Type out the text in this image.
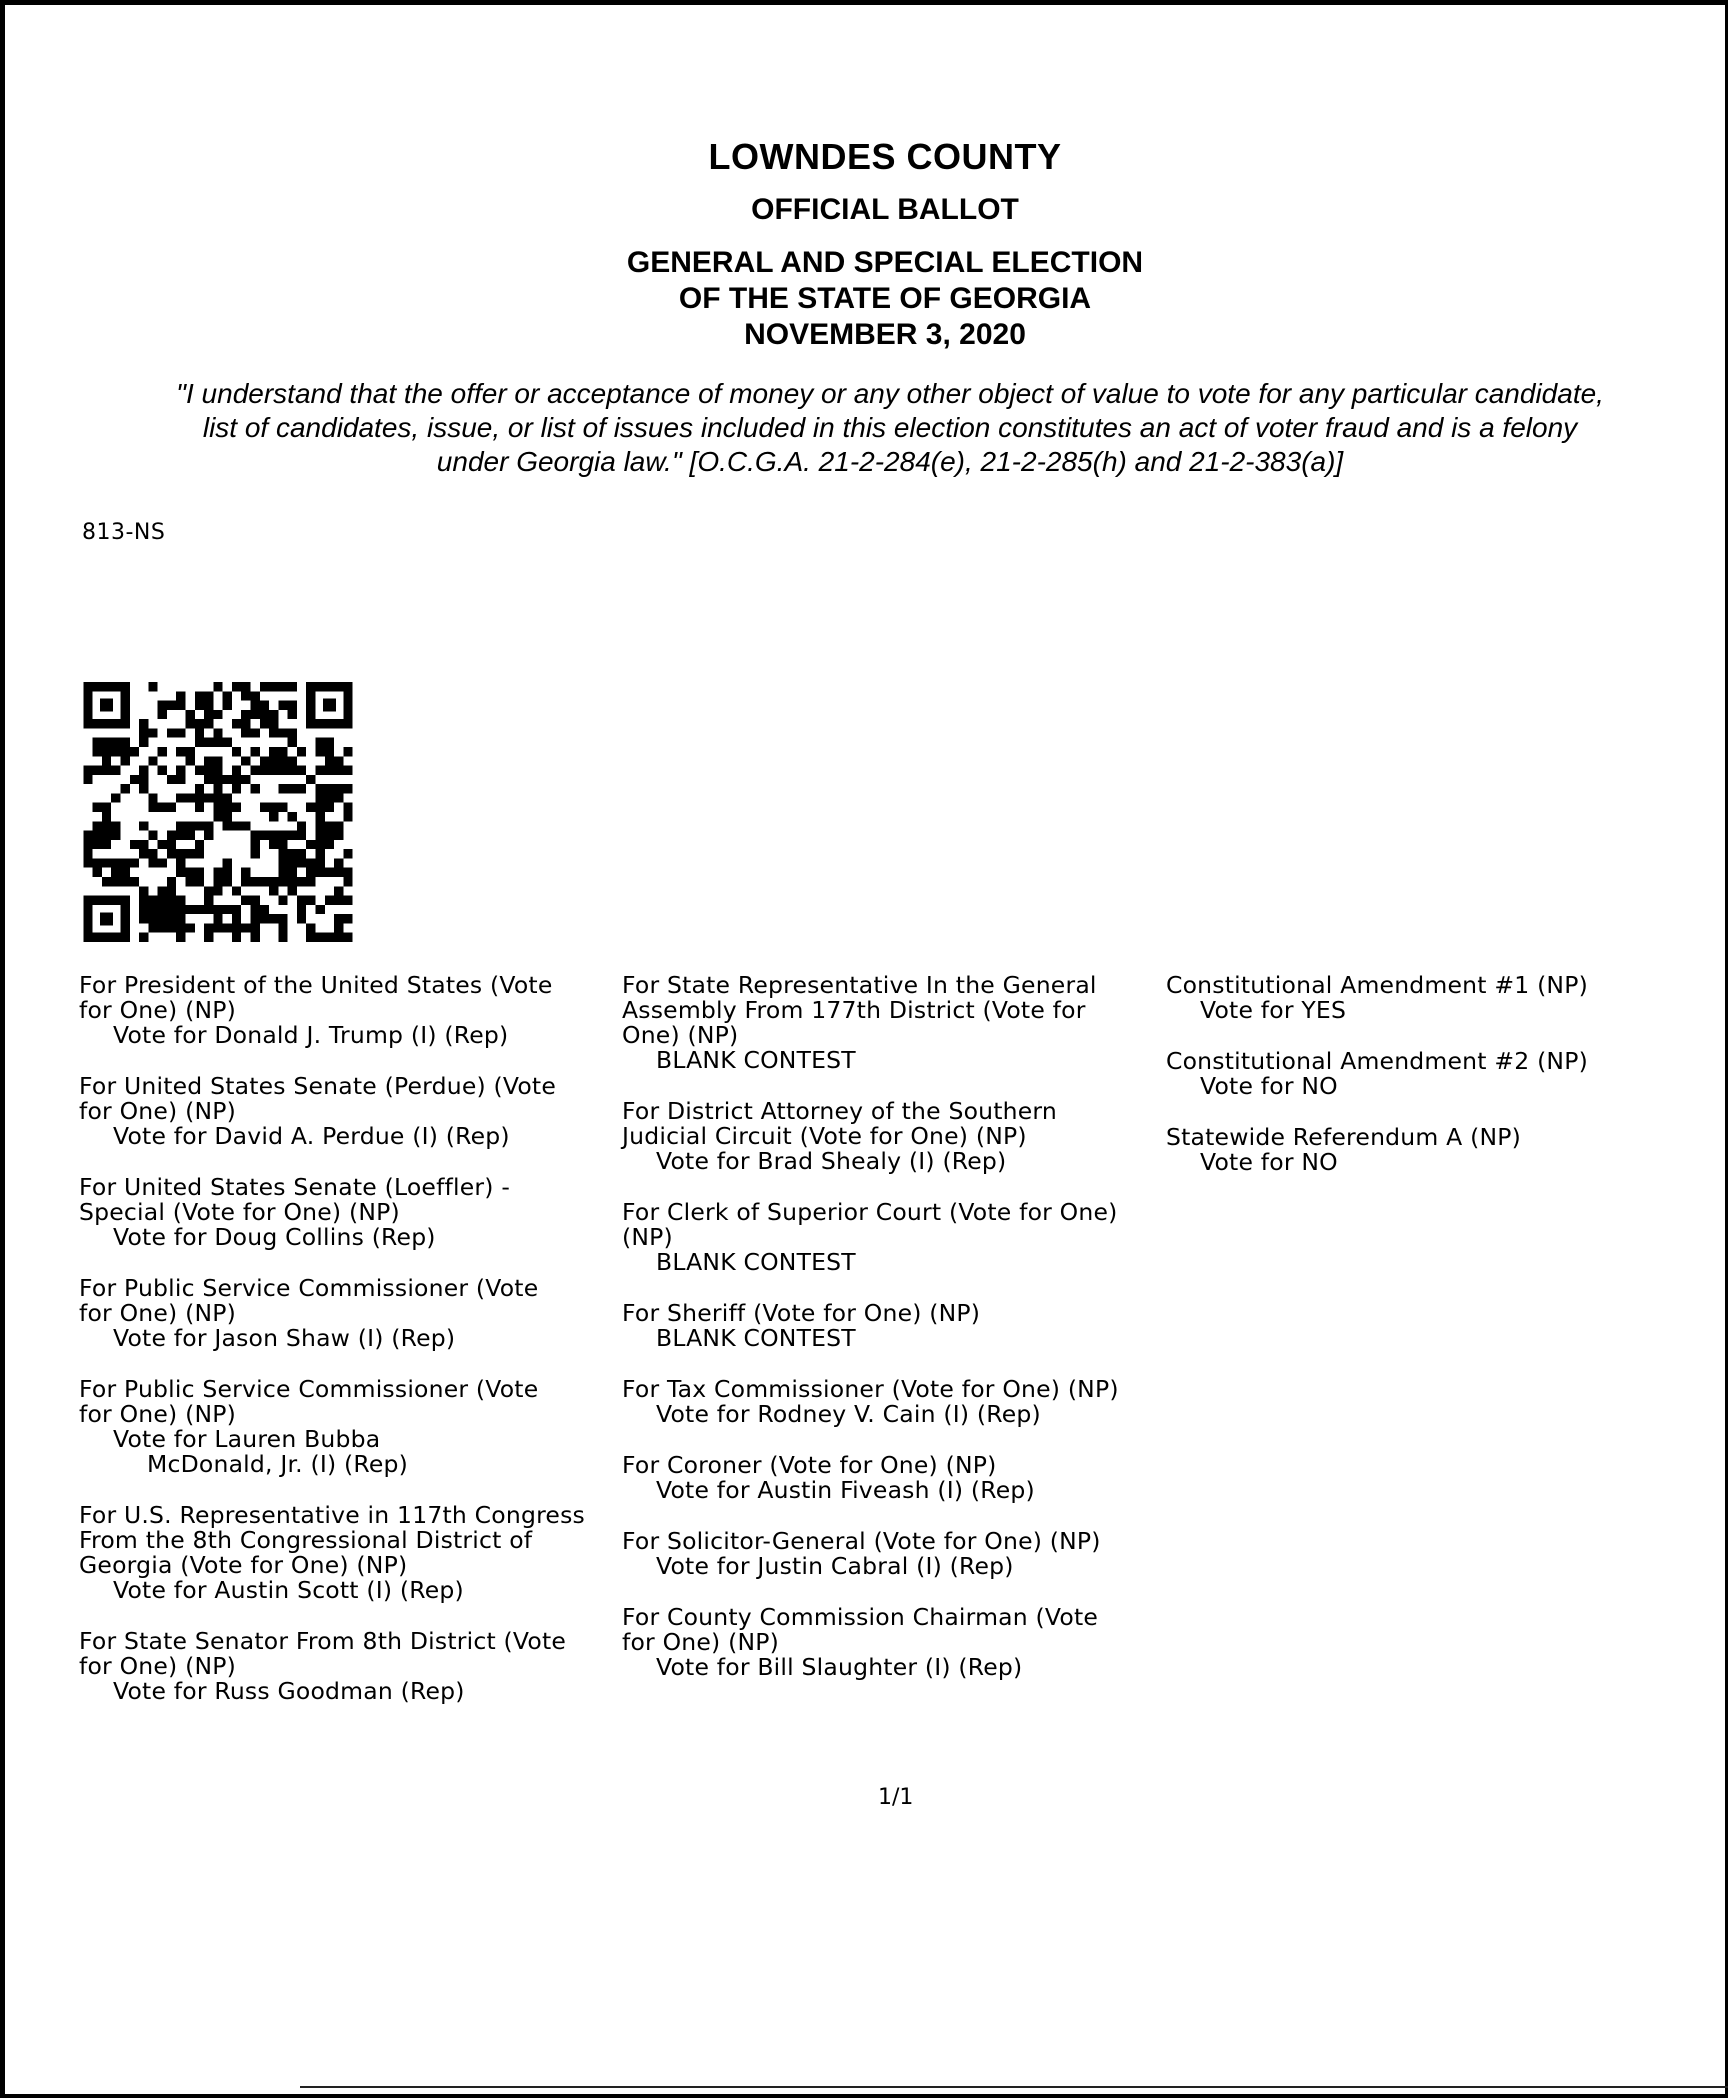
LOWNDES COUNTY
OFFICIAL BALLOT
GENERAL AND SPECIAL ELECTION
OF THE STATE OF GEORGIA
NOVEMBER 3, 2020
"I understand that the offer or acceptance of money or any other object of value to vote for any particular candidate,
list of candidates, issue, or list of issues included in this election constitutes an act of voter fraud and is a felony
under Georgia law." [O.C.G.A. 21-2-284(e), 21-2-285(h) and 21-2-383(a)]
813-NS
For President of the United States (Vote
for One) (NP)
Vote for Donald J. Trump (I) (Rep)
For United States Senate (Perdue) (Vote
for One) (NP)
Vote for David A. Perdue (I) (Rep)
For United States Senate (Loeffler) -
Special (Vote for One) (NP)
Vote for Doug Collins (Rep)
For Public Service Commissioner (Vote
for One) (NP)
Vote for Jason Shaw (I) (Rep)
For Public Service Commissioner (Vote
for One) (NP)
Vote for Lauren Bubba
McDonald, Jr. (I) (Rep)
For U.S. Representative in 117th Congress
From the 8th Congressional District of
Georgia (Vote for One) (NP)
Vote for Austin Scott (I) (Rep)
For State Senator From 8th District (Vote
for One) (NP)
Vote for Russ Goodman (Rep)
For State Representative In the General
Assembly From 177th District (Vote for
One) (NP)
BLANK CONTEST
For District Attorney of the Southern
Judicial Circuit (Vote for One) (NP)
Vote for Brad Shealy (I) (Rep)
For Clerk of Superior Court (Vote for One)
(NP)
BLANK CONTEST
For Sheriff (Vote for One) (NP)
BLANK CONTEST
For Tax Commissioner (Vote for One) (NP)
Vote for Rodney V. Cain (I) (Rep)
For Coroner (Vote for One) (NP)
Vote for Austin Fiveash (I) (Rep)
For Solicitor-General (Vote for One) (NP)
Vote for Justin Cabral (I) (Rep)
For County Commission Chairman (Vote
for One) (NP)
Vote for Bill Slaughter (I) (Rep)
Constitutional Amendment #1 (NP)
Vote for YES
Constitutional Amendment #2 (NP)
Vote for NO
Statewide Referendum A (NP)
Vote for NO
1/1
